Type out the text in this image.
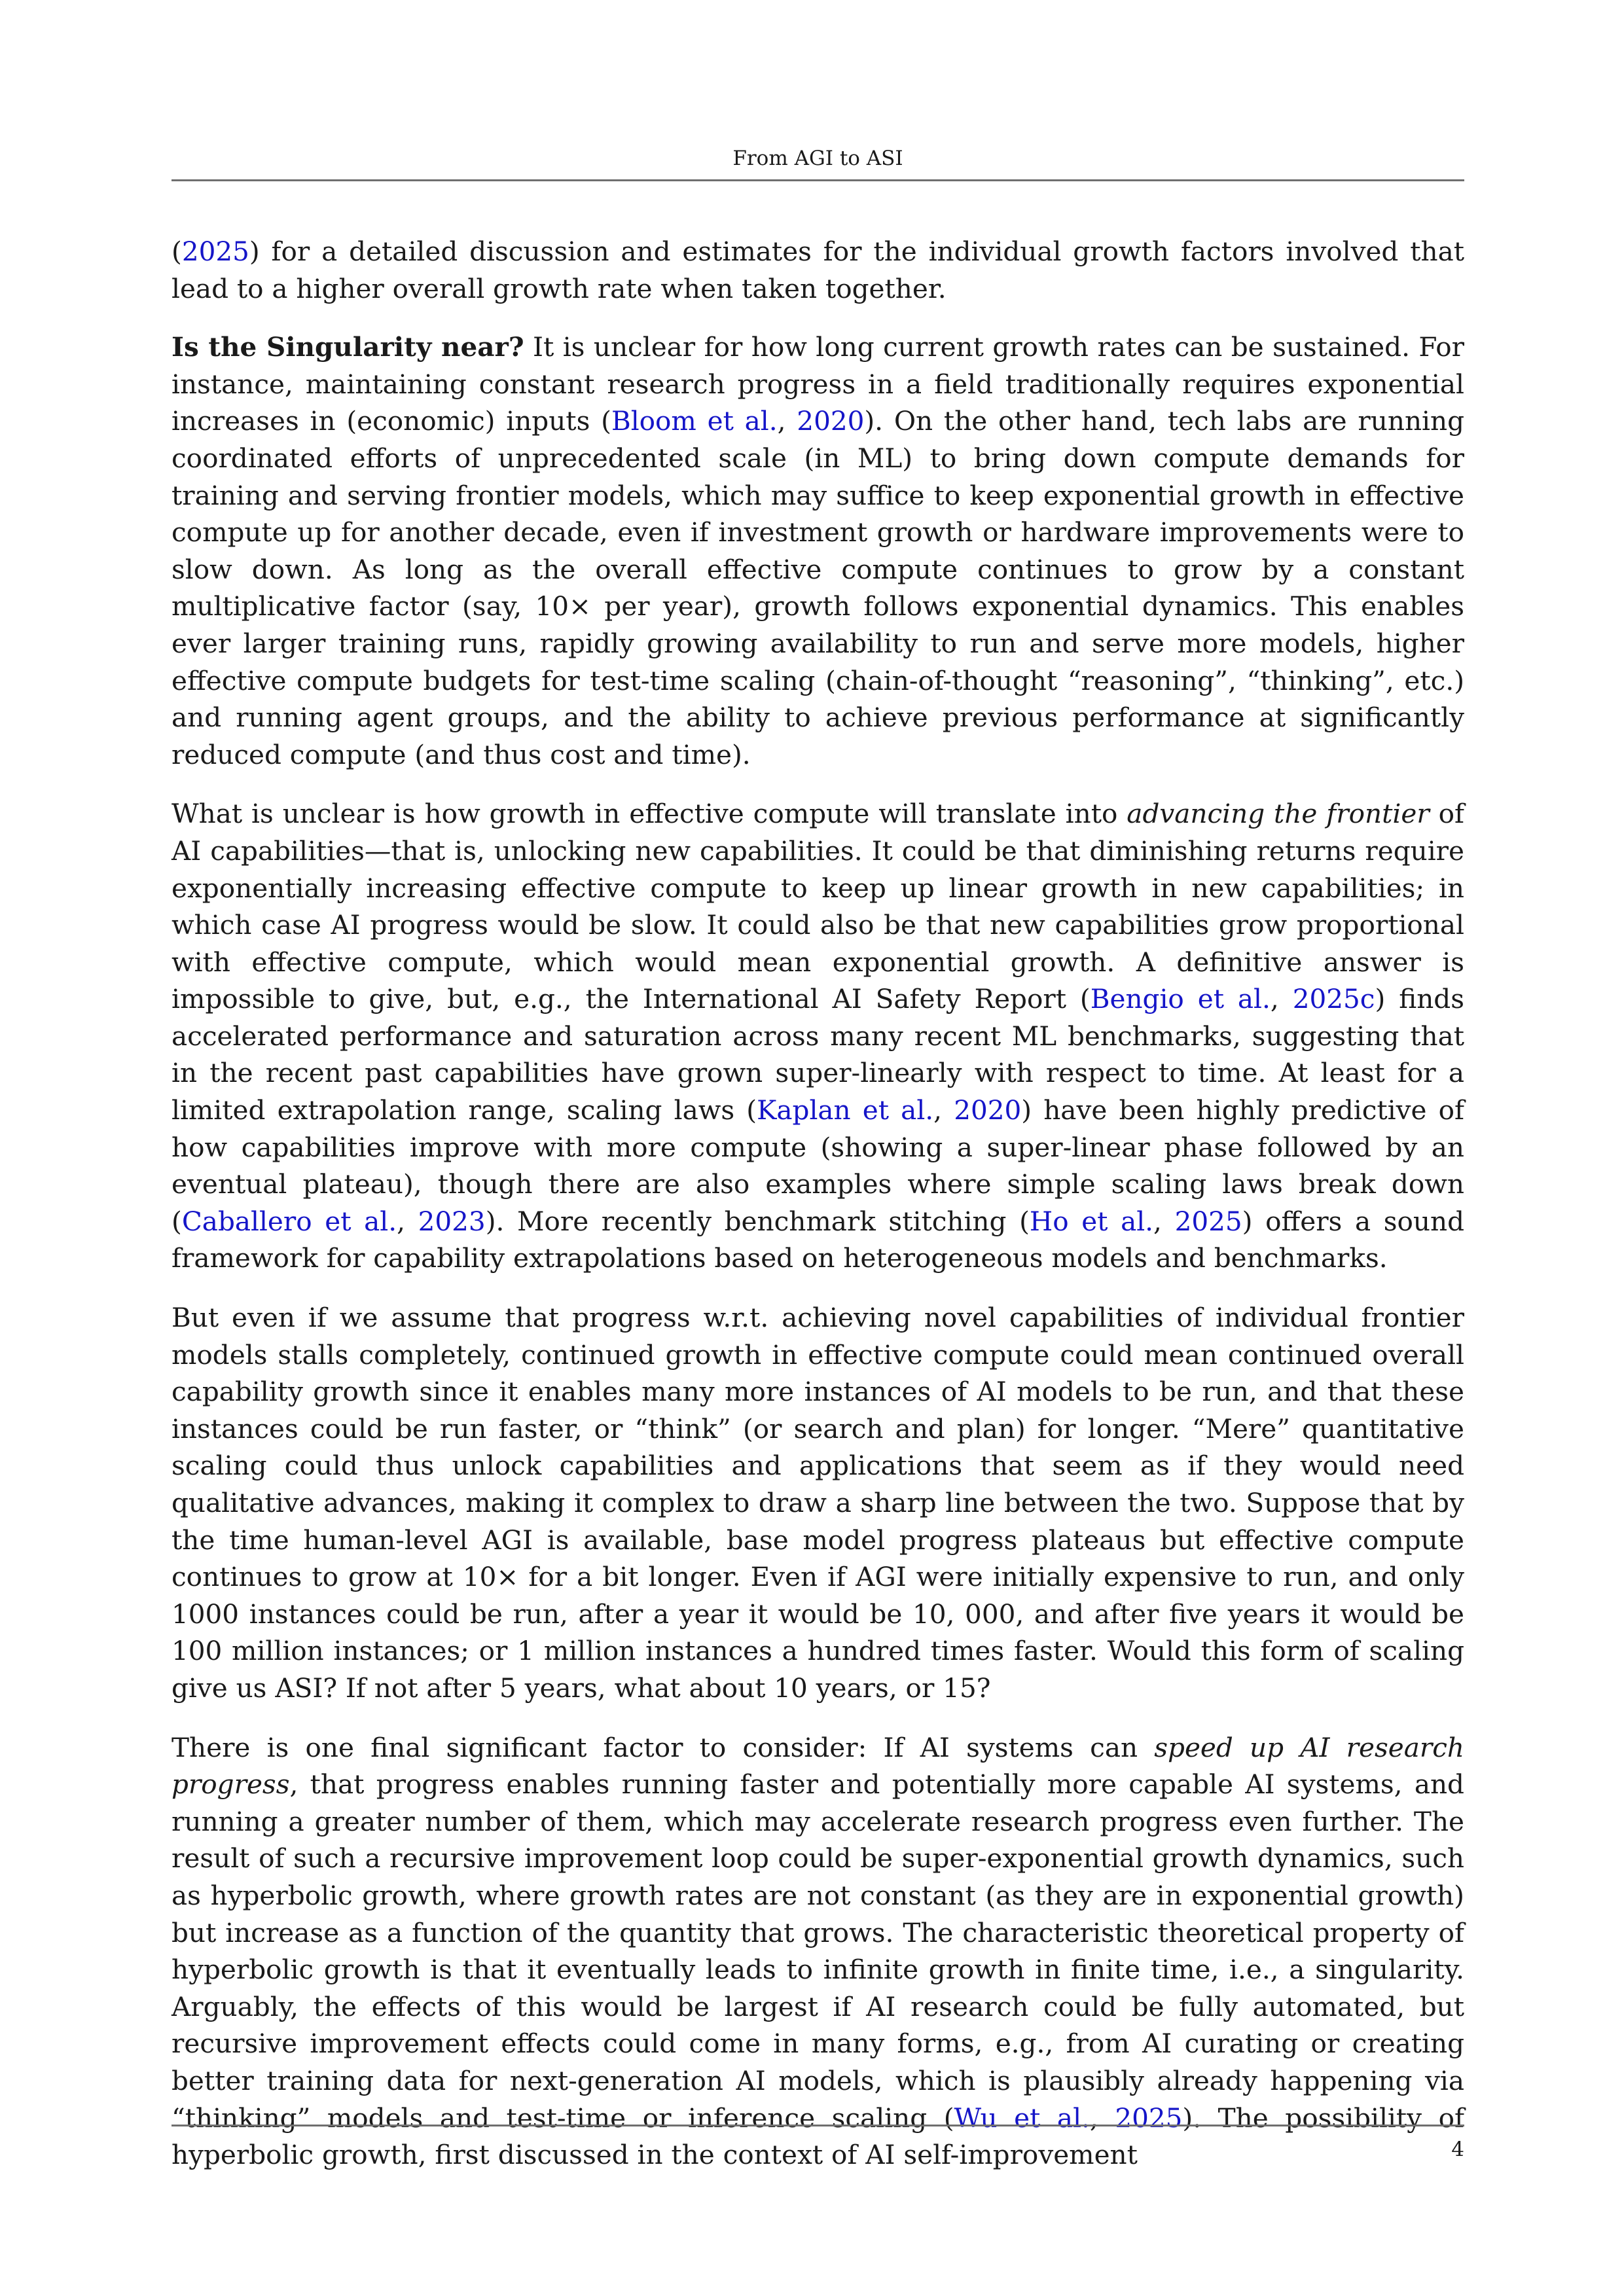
From AGI to ASI

(2025) for a detailed discussion and estimates for the individual growth factors involved that lead to a higher overall growth rate when taken together.

Is the Singularity near? It is unclear for how long current growth rates can be sustained. For instance, maintaining constant research progress in a field traditionally requires exponential increases in (economic) inputs (Bloom et al., 2020). On the other hand, tech labs are running coordinated efforts of unprecedented scale (in ML) to bring down compute demands for training and serving frontier models, which may suffice to keep exponential growth in effective compute up for another decade, even if investment growth or hardware improvements were to slow down. As long as the overall effective compute continues to grow by a constant multiplicative factor (say, 10× per year), growth follows exponential dynamics. This enables ever larger training runs, rapidly growing availability to run and serve more models, higher effective compute budgets for test-time scaling (chain-of-thought “reasoning”, “thinking”, etc.) and running agent groups, and the ability to achieve previous performance at significantly reduced compute (and thus cost and time).

What is unclear is how growth in effective compute will translate into advancing the frontier of AI capabilities—that is, unlocking new capabilities. It could be that diminishing returns require exponentially increasing effective compute to keep up linear growth in new capabilities; in which case AI progress would be slow. It could also be that new capabilities grow proportional with effective compute, which would mean exponential growth. A definitive answer is impossible to give, but, e.g., the International AI Safety Report (Bengio et al., 2025c) finds accelerated performance and saturation across many recent ML benchmarks, suggesting that in the recent past capabilities have grown super-linearly with respect to time. At least for a limited extrapolation range, scaling laws (Kaplan et al., 2020) have been highly predictive of how capabilities improve with more compute (showing a super-linear phase followed by an eventual plateau), though there are also examples where simple scaling laws break down (Caballero et al., 2023). More recently benchmark stitching (Ho et al., 2025) offers a sound framework for capability extrapolations based on heterogeneous models and benchmarks.

But even if we assume that progress w.r.t. achieving novel capabilities of individual frontier models stalls completely, continued growth in effective compute could mean continued overall capability growth since it enables many more instances of AI models to be run, and that these instances could be run faster, or “think” (or search and plan) for longer. “Mere” quantitative scaling could thus unlock capabilities and applications that seem as if they would need qualitative advances, making it complex to draw a sharp line between the two. Suppose that by the time human-level AGI is available, base model progress plateaus but effective compute continues to grow at 10× for a bit longer. Even if AGI were initially expensive to run, and only 1000 instances could be run, after a year it would be 10, 000, and after five years it would be 100 million instances; or 1 million instances a hundred times faster. Would this form of scaling give us ASI? If not after 5 years, what about 10 years, or 15?

There is one final significant factor to consider: If AI systems can speed up AI research progress, that progress enables running faster and potentially more capable AI systems, and running a greater number of them, which may accelerate research progress even further. The result of such a recursive improvement loop could be super-exponential growth dynamics, such as hyperbolic growth, where growth rates are not constant (as they are in exponential growth) but increase as a function of the quantity that grows. The characteristic theoretical property of hyperbolic growth is that it eventually leads to infinite growth in finite time, i.e., a singularity. Arguably, the effects of this would be largest if AI research could be fully automated, but recursive improvement effects could come in many forms, e.g., from AI curating or creating better training data for next-generation AI models, which is plausibly already happening via “thinking” models and test-time or inference scaling (Wu et al., 2025). The possibility of hyperbolic growth, first discussed in the context of AI self-improvement	4
